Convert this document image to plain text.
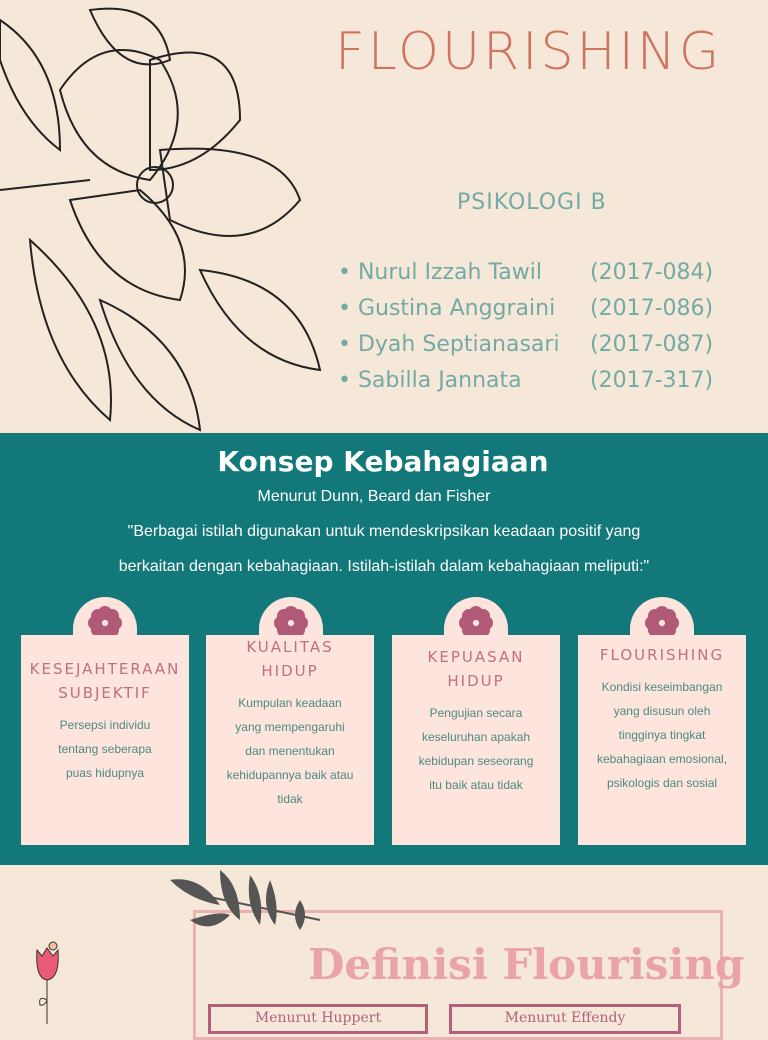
FLOURISHING
PSIKOLOGI B
• Nurul Izzah Tawil (2017-084)
• Gustina Anggraini (2017-086)
• Dyah Septianasari (2017-087)
• Sabilla Jannata	(2017-317)
Konsep Kebahagiaan
Menurut Dunn, Beard dan Fisher
"Berbagai istilah digunakan untuk mendeskripsikan keadaan positif yang
berkaitan dengan kebahagiaan. Istilah-istilah dalam kebahagiaan meliputi:"
KESEJAHTERAAN SUBJEKTIF
Persepsi individu tentang seberapa puas hidupnya
KUALITAS HIDUP
Kumpulan keadaan yang mempengaruhi dan menentukan kehidupannya baik atau tidak
KEPUASAN HIDUP
Pengujian secara keseluruhan apakah kebidupan seseorang itu baik atau tidak
FLOURISHING
Kondisi keseimbangan yang disusun oleh tingginya tingkat kebahagiaan emosional, psikologis dan sosial
Definisi Flourising
Menurut Huppert	Menurut Effendy
